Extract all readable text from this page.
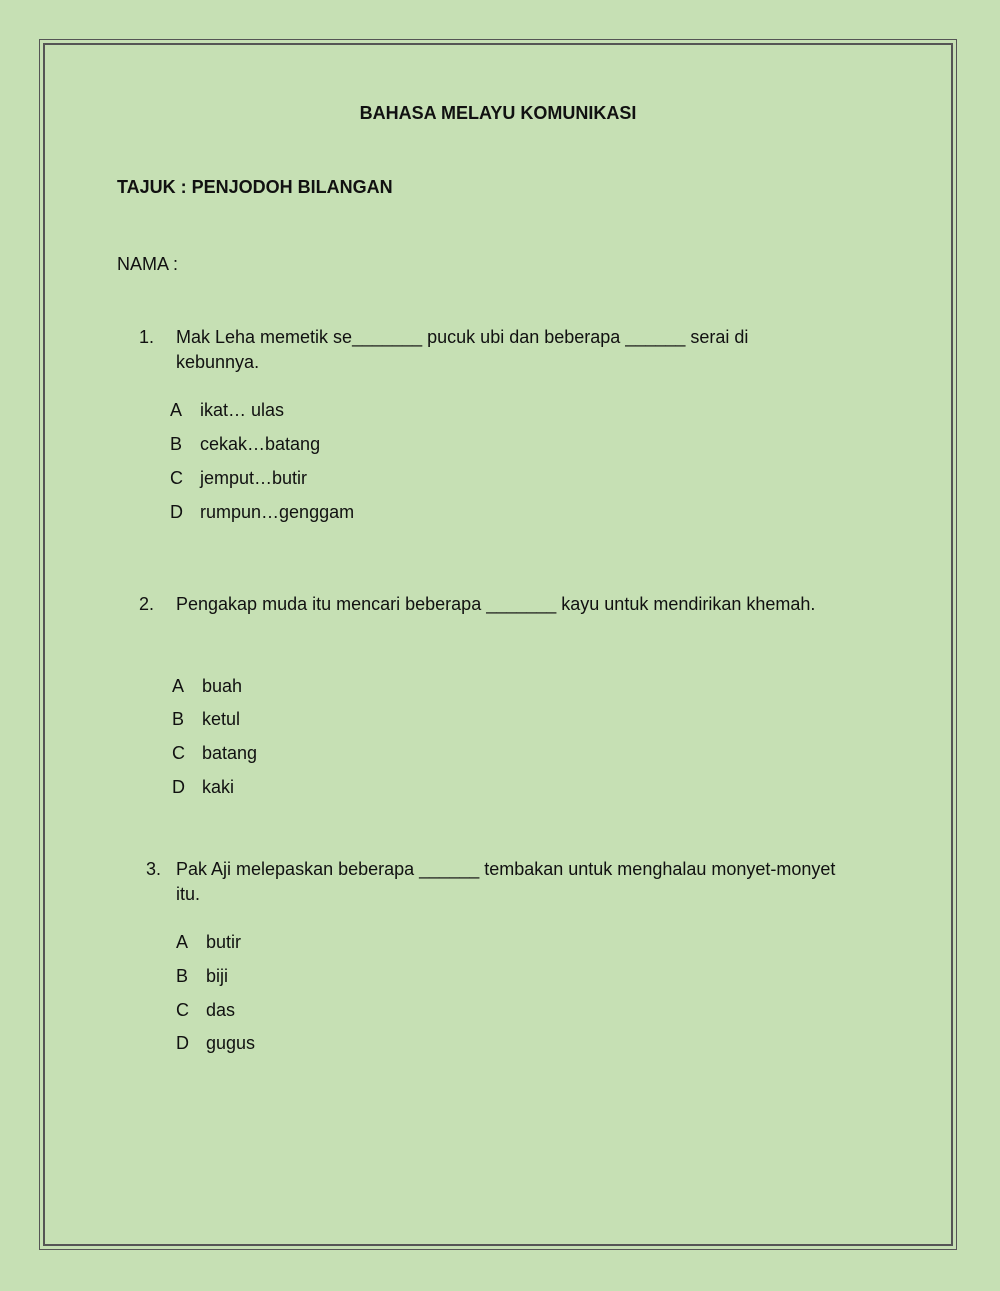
BAHASA MELAYU KOMUNIKASI
TAJUK : PENJODOH BILANGAN
NAMA :
1. Mak Leha memetik se_______ pucuk ubi dan beberapa ______ serai di kebunnya.
A ikat… ulas
B cekak…batang
C jemput…butir
D rumpun…genggam
2. Pengakap muda itu mencari beberapa _______ kayu untuk mendirikan khemah.
A buah
B ketul
C batang
D kaki
3. Pak Aji melepaskan beberapa ______ tembakan untuk menghalau monyet-monyet itu.
A butir
B biji
C das
D gugus
